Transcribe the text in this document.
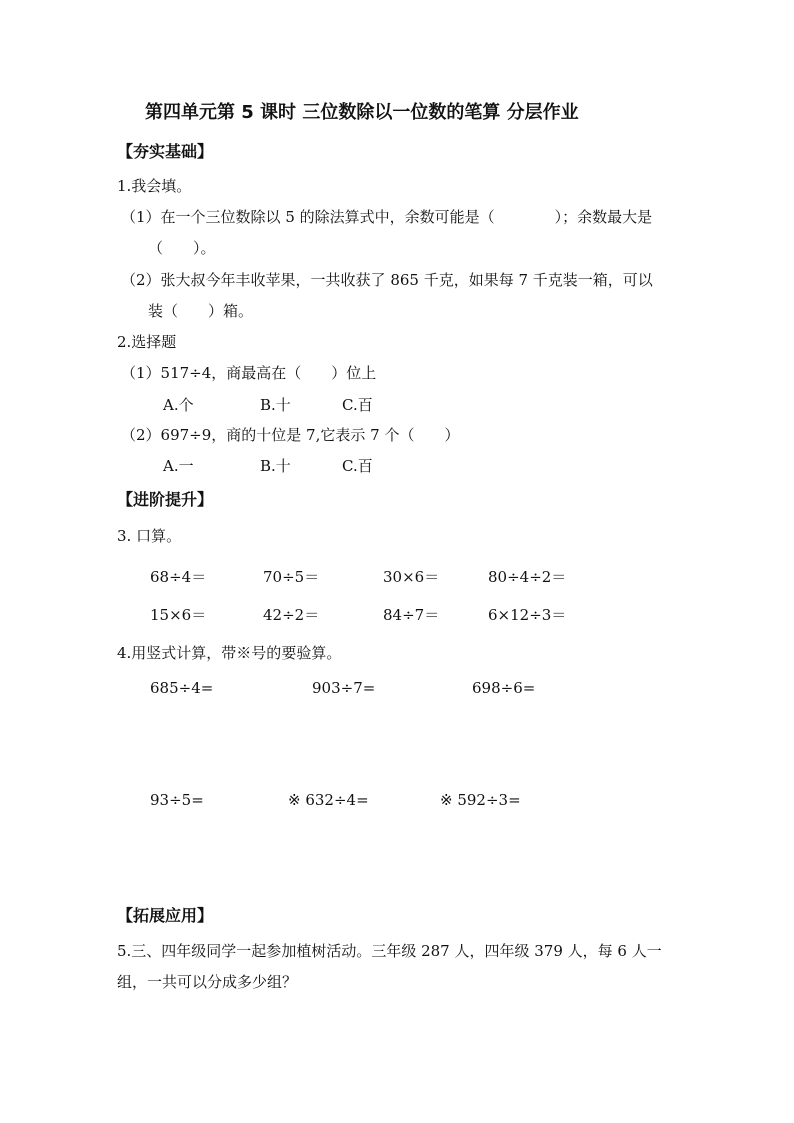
第四单元第 5 课时 三位数除以一位数的笔算 分层作业
【夯实基础】
1.我会填。
（1）在一个三位数除以 5 的除法算式中，余数可能是（　　　　）；余数最大是
（　　）。
（2）张大叔今年丰收苹果，一共收获了 865 千克，如果每 7 千克装一箱，可以
装（　　）箱。
2.选择题
（1）517÷4，商最高在（　　）位上
A.个	B.十	C.百
（2）697÷9，商的十位是 7,它表示 7 个（　　）
A.一	B.十	C.百
【进阶提升】
3. 口算。
68÷4＝	70÷5＝	30×6＝	80÷4÷2＝
15×6＝	42÷2＝	84÷7＝	6×12÷3＝
4.用竖式计算，带※号的要验算。
685÷4=	903÷7=	698÷6=
93÷5=	※ 632÷4=	※ 592÷3=
【拓展应用】
5.三、四年级同学一起参加植树活动。三年级 287 人，四年级 379 人，每 6 人一
组，一共可以分成多少组？
